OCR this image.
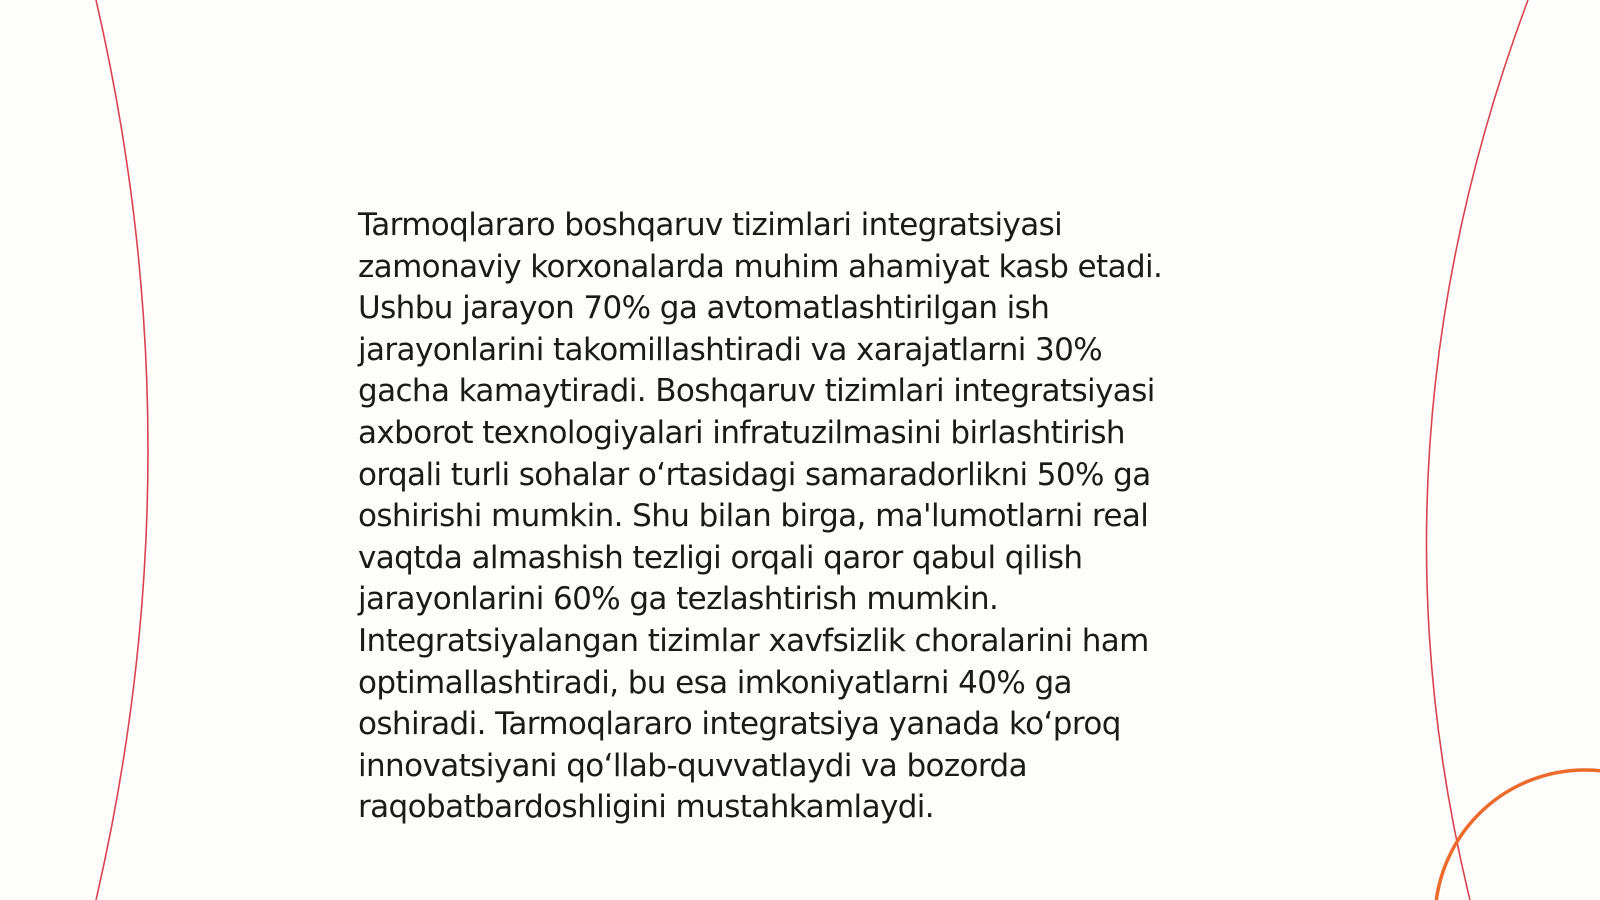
Tarmoqlararo boshqaruv tizimlari integratsiyasi
zamonaviy korxonalarda muhim ahamiyat kasb etadi.
Ushbu jarayon 70% ga avtomatlashtirilgan ish
jarayonlarini takomillashtiradi va xarajatlarni 30%
gacha kamaytiradi. Boshqaruv tizimlari integratsiyasi
axborot texnologiyalari infratuzilmasini birlashtirish
orqali turli sohalar o‘rtasidagi samaradorlikni 50% ga
oshirishi mumkin. Shu bilan birga, ma'lumotlarni real
vaqtda almashish tezligi orqali qaror qabul qilish
jarayonlarini 60% ga tezlashtirish mumkin.
Integratsiyalangan tizimlar xavfsizlik choralarini ham
optimallashtiradi, bu esa imkoniyatlarni 40% ga
oshiradi. Tarmoqlararo integratsiya yanada ko‘proq
innovatsiyani qo‘llab-quvvatlaydi va bozorda
raqobatbardoshligini mustahkamlaydi.
